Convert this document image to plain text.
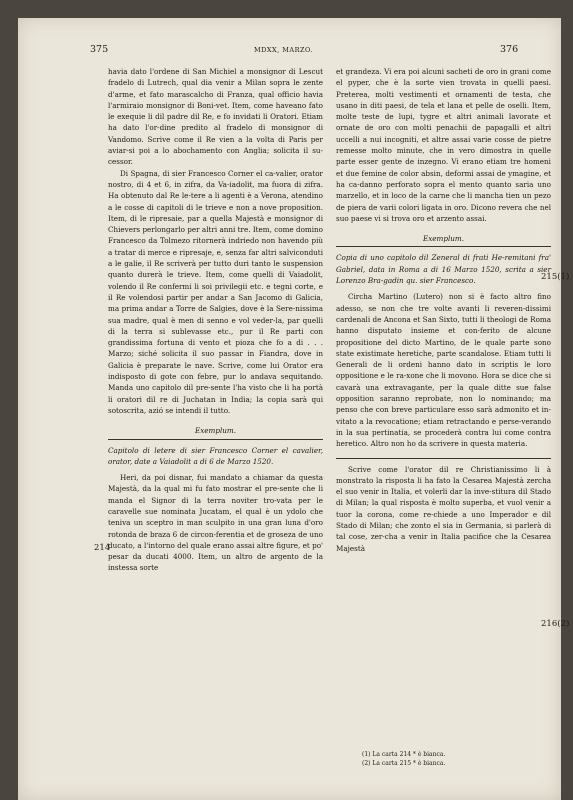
375	MDXX, MARZO.	376

havia dato l'ordene di San Michiel a monsignor di Lescut fradelo di Lutrech, qual dia venir a Milan sopra le zente d'arme, et fato marascalcho di Franza, qual officio havia l'armiraio monsignor di Boni-vet. Item, come haveano fato le exequie li dil padre dil Re, e fo invidati li Oratori. Etiam ha dato l'or-dine predito al fradelo di monsignor di Vandomo. Scrive come il Re vien a la volta di Paris per aviar-si poi a lo abochamento con Anglia; solicita il su-cessor.

Di Spagna, di sier Francesco Corner el ca-valier, orator nostro, di 4 et 6, in zifra, da Va-iadolit, ma fuora di zifra. Ha obtenuto dal Re le-tere a li agenti è a Verona, atendino a le cosse di capitoli di le trieve e non a nove proposition. Item, di le ripresaie, par a quella Majestà e monsignor di Chievers perlongarlo per altri anni tre. Item, come domino Francesco da Tolmezo ritornerà indriedo non havendo più a tratar di merce e ripresaje, e, senza far altri salviconduti a le galie, il Re scriverà per tutto duri tanto le suspension quanto durerà le trieve. Item, come quelli di Vaiadolit, volendo il Re confermi li soi privilegii etc. e tegni corte, e il Re volendosi partir per andar a San Jacomo di Galicia, ma prima andar a Torre de Salgies, dove è la Sere-nissima sua madre, qual è men di senno e vol veder-la, par quelli di la terra si sublevasse etc., pur il Re parti con grandissima fortuna di vento et pioza che fo a di . . . Marzo; siché solicita il suo passar in Fiandra, dove in Galicia è preparate le nave. Scrive, come lui Orator era indisposto di gote con febre, pur lo andava sequitando. Manda uno capitolo dil pre-sente l'ha visto che li ha portà li oratori dil re di Juchatan in India; la copia sarà qui sotoscrita, azió se intendi il tutto.

Exemplum.

Capitolo di letere di sier Francesco Corner el cavalier, orator, date a Vaiadolit a di 6 de Marzo 1520.

Heri, da poi disnar, fui mandato a chiamar da questa Majestà, da la qual mi fu fato mostrar el pre-sente che li manda el Signor di la terra noviter tro-vata per le caravelle sue nominata Jucatam, el qual è un ydolo che teniva un sceptro in man sculpito in una gran luna d'oro rotonda de braza 6 de circon-ferentia et de groseza de uno ducato, a l'intorno del quale erano assai altre figure, et po' pesar da ducati 4000. Item, un altro de argento de la instessa sorte

214

et grandeza. Vi era poi alcuni sacheti de oro in grani come el pyper, che è la sorte vien trovata in quelli paesi. Preterea, molti vestimenti et ornamenti de testa, che usano in diti paesi, de tela et lana et pelle de oselli. Item, molte teste de lupi, tygre et altri animali lavorate et ornate de oro con molti penachii de papagalli et altri uccelli a nui incogniti, et altre assai varie cosse de pietre remesse molto minute, che in vero dimostra in quelle parte esser gente de inzegno. Vi erano etiam tre homeni et due femine de color absin, deformi assai de ymagine, et ha ca-danno perforato sopra el mento quanto saria uno marzello, et in loco de la carne che li mancha tien un pezo de piera de varii colori ligata in oro. Dicono revera che nel suo paese vi si trova oro et arzento assai.

Exemplum.

Copia di uno capitolo dil Zeneral di frati He-remitani fra' Gabriel, data in Roma a di 16 Marzo 1520, scrita a sier Lorenzo Bra-gadin qu. sier Francesco.

Circha Martino (Lutero) non si è facto altro fino adesso, se non che tre volte avanti li reveren-dissimi cardenali de Ancona et San Sixto, tutti li theologi de Roma hanno disputato insieme et con-ferito de alcune propositione del dicto Martino, de le quale parte sono state existimate heretiche, parte scandalose. Etiam tutti li Generali de li ordeni hanno dato in scriptis le loro oppositione e le ra-xone che li movono. Hora se dice che si cavarà una extravagante, per la quale ditte sue false opposition saranno reprobate, non lo nominando; ma penso che con breve particulare esso sarà admonito et in-vitato a la revocatione; etiam retractando e perse-verando in la sua pertinatia, se procederà contra lui come contra heretico. Altro non ho da scrivere in questa materia.

Scrive come l'orator dil re Christianissimo li à monstrato la risposta li ha fato la Cesarea Majestà zercha el suo venir in Italia, et volerli dar la inve-stitura dil Stado di Milan; la qual risposta è molto superba, et vuol venir a tuor la corona, come re-chiede a uno Imperador e dil Stado di Milan; che zonto el sia in Germania, si parlerà di tal cose, zer-cha a venir in Italia pacifice che la Cesarea Majestà

215(1)
216(2)
(1) La carta 214 * è bianca.
(2) La carta 215 * è bianca.
